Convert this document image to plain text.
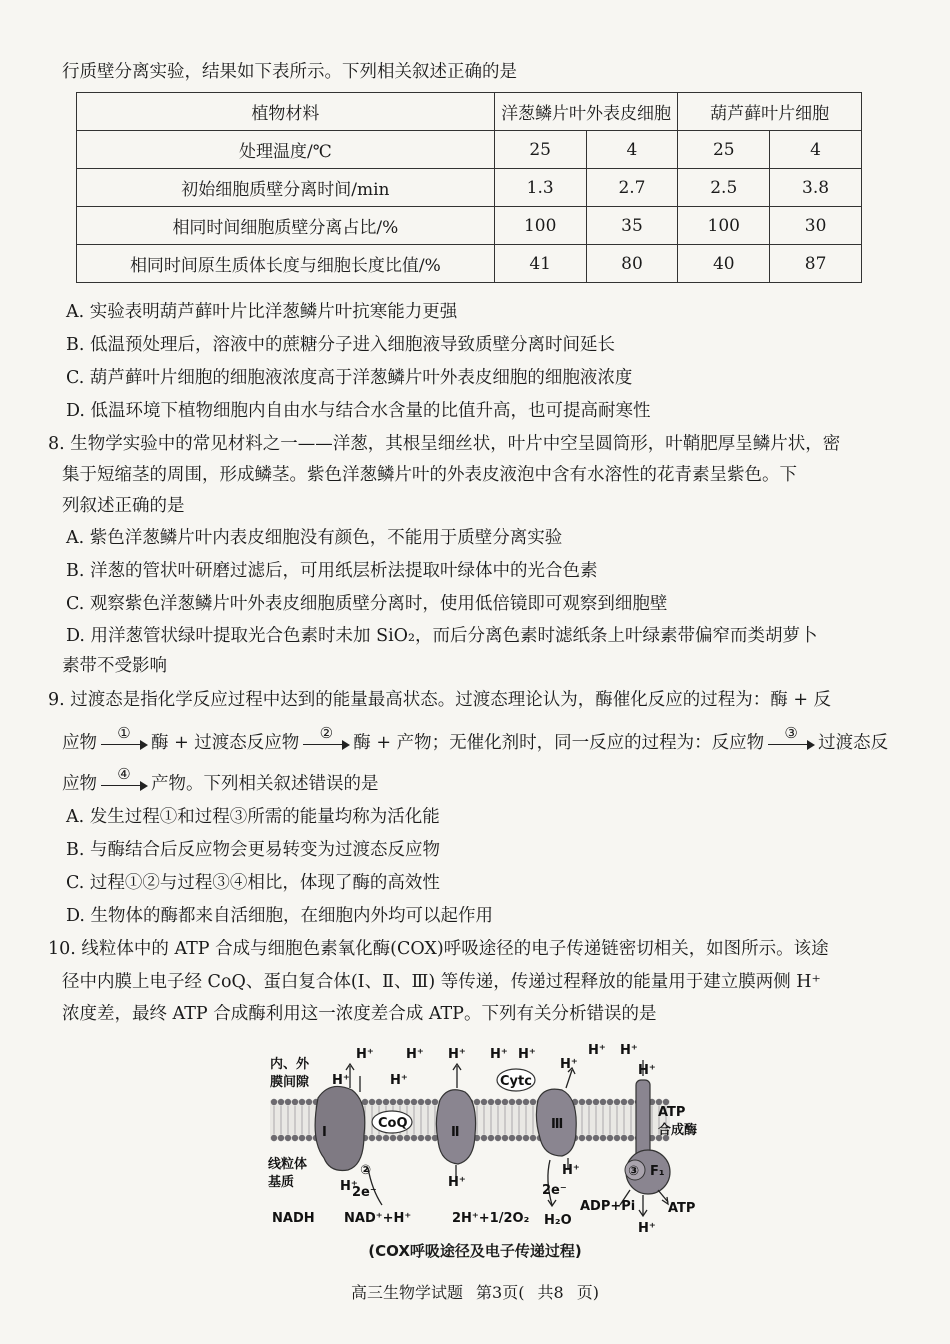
行质壁分离实验，结果如下表所示。下列相关叙述正确的是
植物材料	洋葱鳞片叶外表皮细胞		葫芦藓叶片细胞	
处理温度/℃	25	4	25	4
初始细胞质壁分离时间/min	1.3	2.7	2.5	3.8
相同时间细胞质壁分离占比/%	100	35	100	30
相同时间原生质体长度与细胞长度比值/%	41	80	40	87
A. 实验表明葫芦藓叶片比洋葱鳞片叶抗寒能力更强
B. 低温预处理后，溶液中的蔗糖分子进入细胞液导致质壁分离时间延长
C. 葫芦藓叶片细胞的细胞液浓度高于洋葱鳞片叶外表皮细胞的细胞液浓度
D. 低温环境下植物细胞内自由水与结合水含量的比值升高，也可提高耐寒性
8. 生物学实验中的常见材料之一——洋葱，其根呈细丝状，叶片中空呈圆筒形，叶鞘肥厚呈鳞片状，密
集于短缩茎的周围，形成鳞茎。紫色洋葱鳞片叶的外表皮液泡中含有水溶性的花青素呈紫色。下
列叙述正确的是
A. 紫色洋葱鳞片叶内表皮细胞没有颜色，不能用于质壁分离实验
B. 洋葱的管状叶研磨过滤后，可用纸层析法提取叶绿体中的光合色素
C. 观察紫色洋葱鳞片叶外表皮细胞质壁分离时，使用低倍镜即可观察到细胞壁
D. 用洋葱管状绿叶提取光合色素时未加 SiO₂，而后分离色素时滤纸条上叶绿素带偏窄而类胡萝卜
素带不受影响
9. 过渡态是指化学反应过程中达到的能量最高状态。过渡态理论认为，酶催化反应的过程为：酶 + 反
应物	①	酶 + 过渡态反应物	②	酶 + 产物；无催化剂时，同一反应的过程为：反应物	③	过渡态反
应物	④	产物。下列相关叙述错误的是
A. 发生过程①和过程③所需的能量均称为活化能
B. 与酶结合后反应物会更易转变为过渡态反应物
C. 过程①②与过程③④相比，体现了酶的高效性
D. 生物体的酶都来自活细胞，在细胞内外均可以起作用
10. 线粒体中的 ATP 合成与细胞色素氧化酶(COX)呼吸途径的电子传递链密切相关，如图所示。该途
径中内膜上电子经 CoQ、蛋白复合体(Ⅰ、Ⅱ、Ⅲ) 等传递，传递过程释放的能量用于建立膜两侧 H⁺
浓度差，最终 ATP 合成酶利用这一浓度差合成 ATP。下列有关分析错误的是
内、外
膜间隙
线粒体
基质
Ⅰ
CoQ
Ⅱ
Cytc
Ⅲ
③ F₁
ATP
合成酶
H⁺
H⁺
H⁺
H⁺
H⁺ H⁺ H⁺
H⁺
H⁺ H⁺
H⁺
H⁺	H⁺
H⁺
H⁺
②
2e⁻	2e⁻
NADH NAD⁺+H⁺	2H⁺+1/2O₂ H₂O
ADP+Pi	ATP
(COX呼吸途径及电子传递过程)
高三生物学试题 第3页( 共8 页)
